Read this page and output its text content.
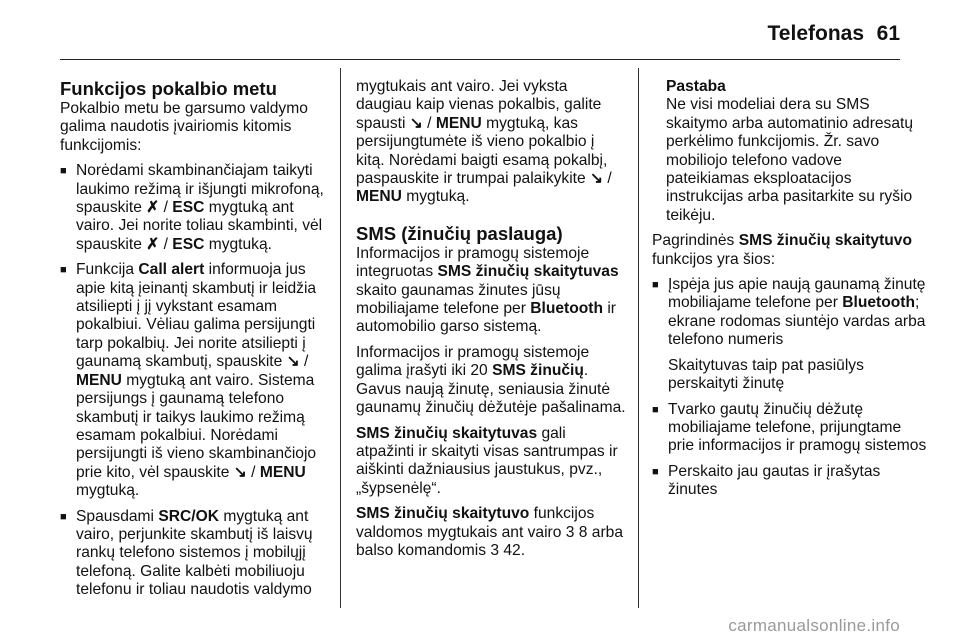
Telefonas 61
Funkcijos pokalbio metu

Pokalbio metu be garsumo valdymo galima naudotis įvairiomis kitomis funkcijomis:

■ Norėdami skambinančiajam taikyti laukimo režimą ir išjungti mikrofoną, spauskite ✗ / ESC mygtuką ant vairo. Jei norite toliau skambinti, vėl spauskite ✗ / ESC mygtuką.
■ Funkcija Call alert informuoja jus apie kitą įeinantį skambutį ir leidžia atsiliepti į jį vykstant esamam pokalbiui. Vėliau galima persijungti tarp pokalbių. Jei norite atsiliepti į gaunamą skambutį, spauskite ↘ / MENU mygtuką ant vairo. Sistema persijungs į gaunamą telefono skambutį ir taikys laukimo režimą esamam pokalbiui. Norėdami persijungti iš vieno skambinančiojo prie kito, vėl spauskite ↘ / MENU mygtuką.
■ Spausdami SRC/OK mygtuką ant vairo, perjunkite skambutį iš laisvų rankų telefono sistemos į mobilųjį telefoną. Galite kalbėti mobiliuoju telefonu ir toliau naudotis valdymo

mygtukais ant vairo. Jei vyksta daugiau kaip vienas pokalbis, galite spausti ↘ / MENU mygtuką, kas persijungtumėte iš vieno pokalbio į kitą. Norėdami baigti esamą pokalbį, paspauskite ir trumpai palaikykite ↘ / MENU mygtuką.

SMS (žinučių paslauga)

Informacijos ir pramogų sistemoje integruotas SMS žinučių skaitytuvas skaito gaunamas žinutes jūsų mobiliajame telefone per Bluetooth ir automobilio garso sistemą.

Informacijos ir pramogų sistemoje galima įrašyti iki 20 SMS žinučių. Gavus naują žinutę, seniausia žinutė gaunamų žinučių dėžutėje pašalinama.

SMS žinučių skaitytuvas gali atpažinti ir skaityti visas santrumpas ir aiškinti dažniausius jaustukus, pvz., „šypsenėlę“.

SMS žinučių skaitytuvo funkcijos valdomos mygtukais ant vairo 3 8 arba balso komandomis 3 42.

Pastaba
Ne visi modeliai dera su SMS skaitymo arba automatinio adresatų perkėlimo funkcijomis. Žr. savo mobiliojo telefono vadove pateikiamas eksploatacijos instrukcijas arba pasitarkite su ryšio teikėju.

Pagrindinės SMS žinučių skaitytuvo funkcijos yra šios:

■ Įspėja jus apie naują gaunamą žinutę mobiliajame telefone per Bluetooth; ekrane rodomas siuntėjo vardas arba telefono numeris
Skaitytuvas taip pat pasiūlys perskaityti žinutę
■ Tvarko gautų žinučių dėžutę mobiliajame telefone, prijungtame prie informacijos ir pramogų sistemos
■ Perskaito jau gautas ir įrašytas žinutes
carmanualsonline.info
